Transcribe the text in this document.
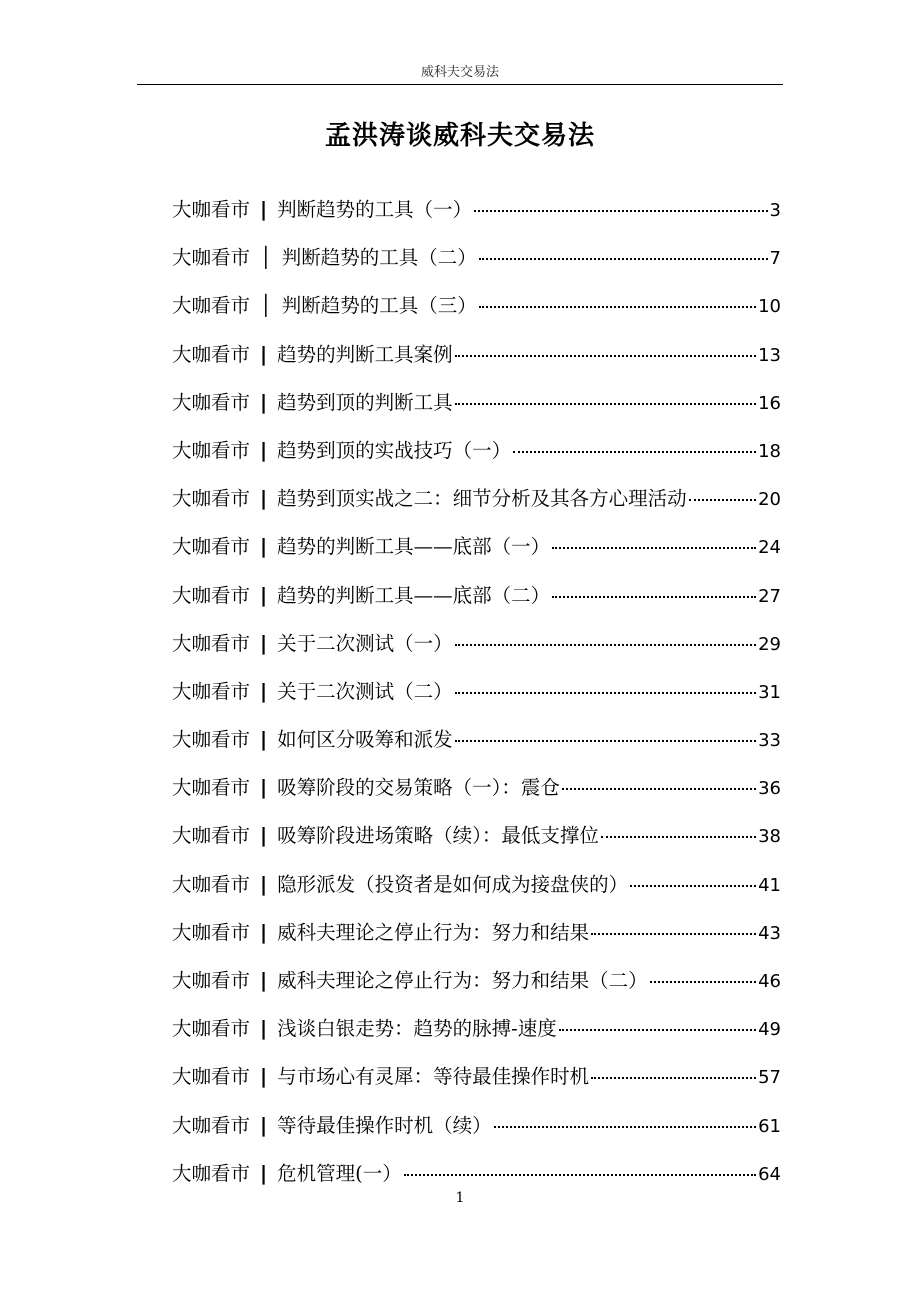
威科夫交易法
孟洪涛谈威科夫交易法
大咖看市 | 判断趋势的工具（一）	3
大咖看市 │ 判断趋势的工具（二）	7
大咖看市 │ 判断趋势的工具（三）	10
大咖看市 | 趋势的判断工具案例	13
大咖看市 | 趋势到顶的判断工具	16
大咖看市 | 趋势到顶的实战技巧（一）	18
大咖看市 | 趋势到顶实战之二：细节分析及其各方心理活动	20
大咖看市 | 趋势的判断工具——底部（一）	24
大咖看市 | 趋势的判断工具——底部（二）	27
大咖看市 | 关于二次测试（一）	29
大咖看市 | 关于二次测试（二）	31
大咖看市 | 如何区分吸筹和派发	33
大咖看市 | 吸筹阶段的交易策略（一）：震仓	36
大咖看市 | 吸筹阶段进场策略（续）：最低支撑位	38
大咖看市 | 隐形派发（投资者是如何成为接盘侠的）	41
大咖看市 | 威科夫理论之停止行为：努力和结果	43
大咖看市 | 威科夫理论之停止行为：努力和结果（二）	46
大咖看市 | 浅谈白银走势：趋势的脉搏-速度	49
大咖看市 | 与市场心有灵犀：等待最佳操作时机	57
大咖看市 | 等待最佳操作时机（续）	61
大咖看市 | 危机管理(一）	64
1
